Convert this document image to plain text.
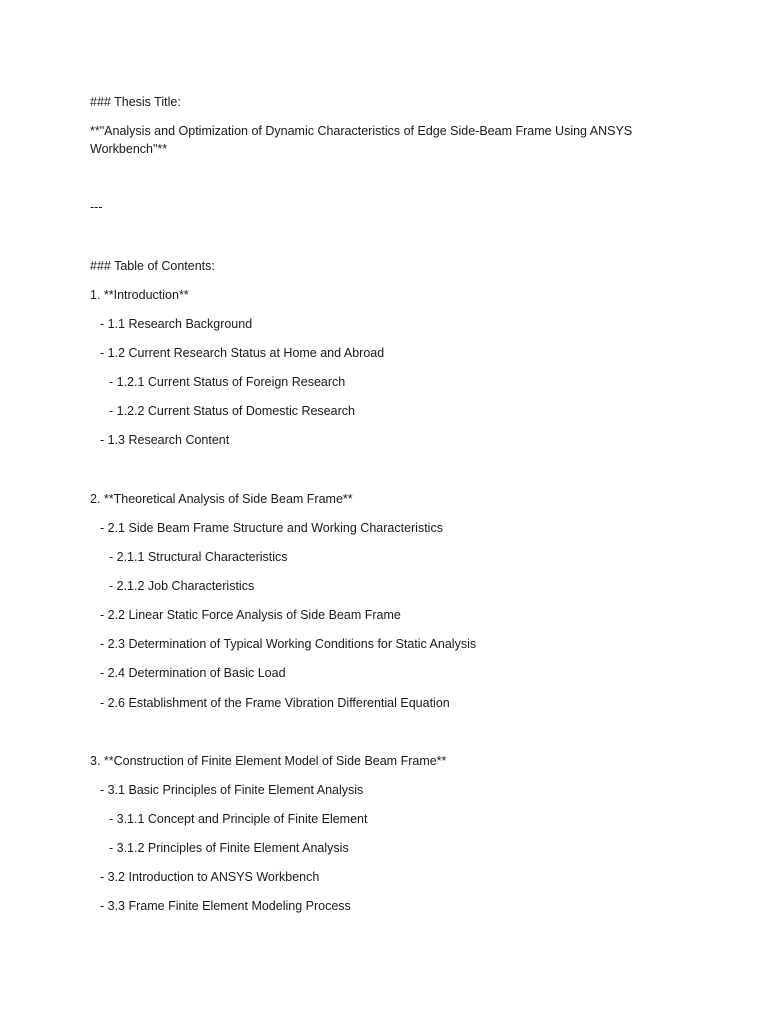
### Thesis Title:
**"Analysis and Optimization of Dynamic Characteristics of Edge Side-Beam Frame Using ANSYS Workbench"**
---
### Table of Contents:
1. **Introduction**
- 1.1 Research Background
- 1.2 Current Research Status at Home and Abroad
- 1.2.1 Current Status of Foreign Research
- 1.2.2 Current Status of Domestic Research
- 1.3 Research Content
2. **Theoretical Analysis of Side Beam Frame**
- 2.1 Side Beam Frame Structure and Working Characteristics
- 2.1.1 Structural Characteristics
- 2.1.2 Job Characteristics
- 2.2 Linear Static Force Analysis of Side Beam Frame
- 2.3 Determination of Typical Working Conditions for Static Analysis
- 2.4 Determination of Basic Load
- 2.6 Establishment of the Frame Vibration Differential Equation
3. **Construction of Finite Element Model of Side Beam Frame**
- 3.1 Basic Principles of Finite Element Analysis
- 3.1.1 Concept and Principle of Finite Element
- 3.1.2 Principles of Finite Element Analysis
- 3.2 Introduction to ANSYS Workbench
- 3.3 Frame Finite Element Modeling Process
